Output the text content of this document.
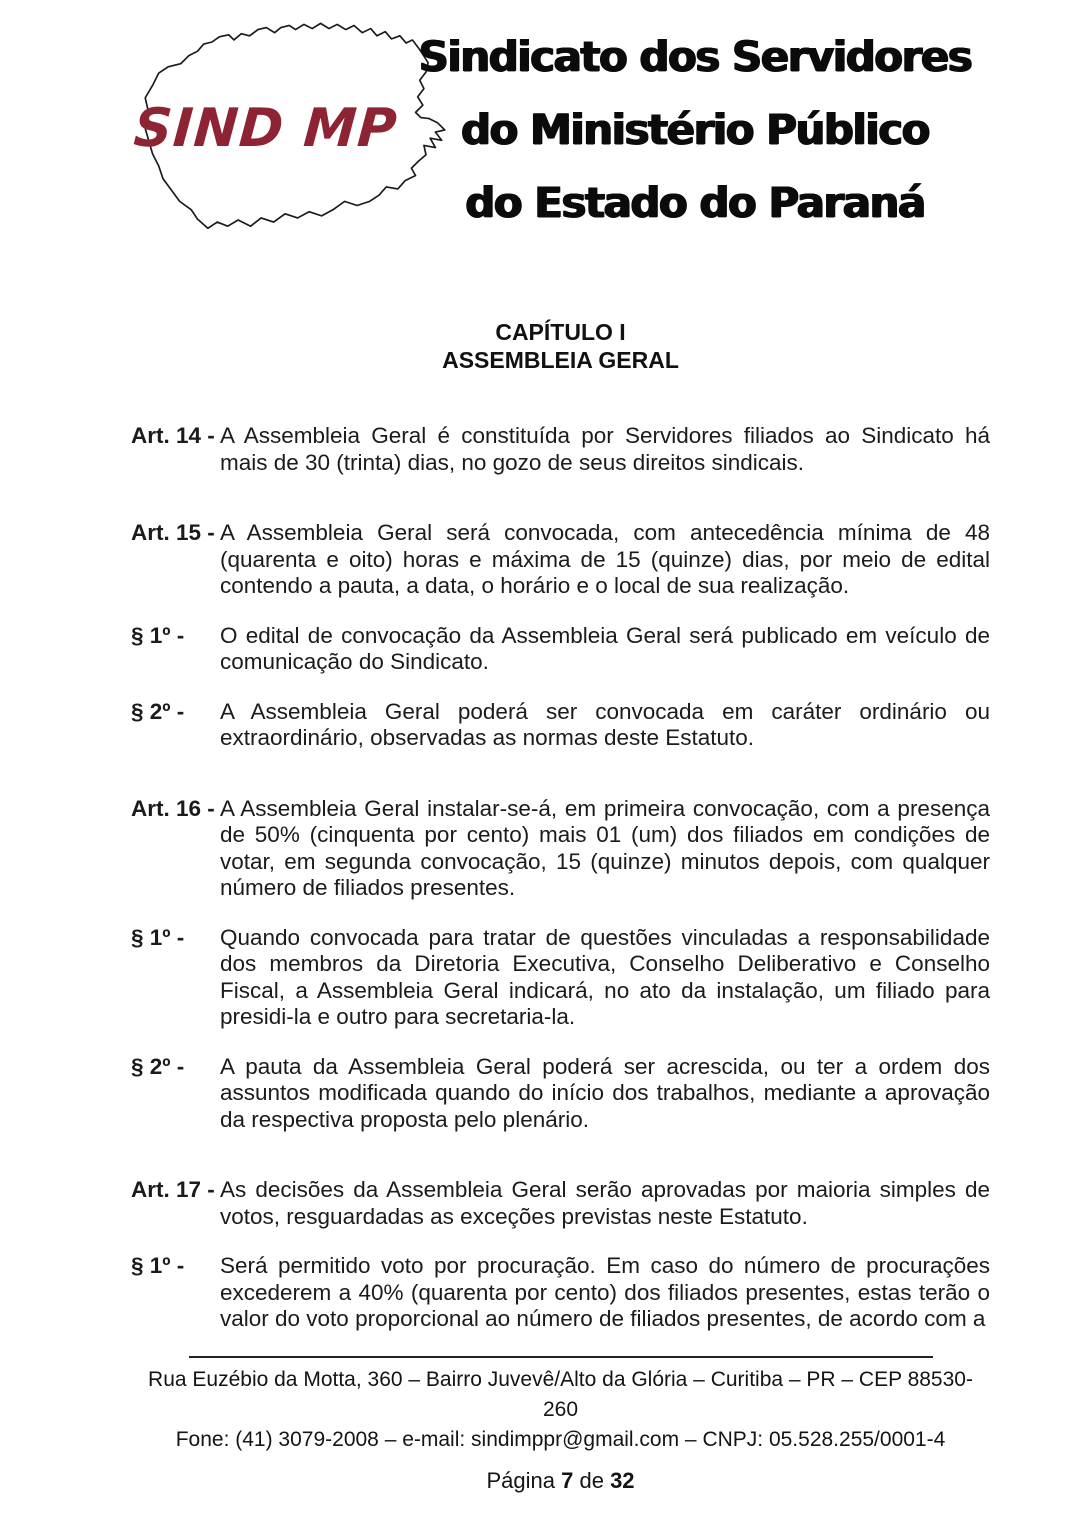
SIND MP
Sindicato dos Servidores
do Ministério Público
do Estado do Paraná
CAPÍTULO I
ASSEMBLEIA GERAL
Art. 14 - A Assembleia Geral é constituída por Servidores filiados ao Sindicato há mais de 30 (trinta) dias, no gozo de seus direitos sindicais.

Art. 15 - A Assembleia Geral será convocada, com antecedência mínima de 48 (quarenta e oito) horas e máxima de 15 (quinze) dias, por meio de edital contendo a pauta, a data, o horário e o local de sua realização.

§ 1º -	O edital de convocação da Assembleia Geral será publicado em veículo de comunicação do Sindicato.

§ 2º -	A Assembleia Geral poderá ser convocada em caráter ordinário ou extraordinário, observadas as normas deste Estatuto.

Art. 16 - A Assembleia Geral instalar-se-á, em primeira convocação, com a presença de 50% (cinquenta por cento) mais 01 (um) dos filiados em condições de votar, em segunda convocação, 15 (quinze) minutos depois, com qualquer número de filiados presentes.

§ 1º -	Quando convocada para tratar de questões vinculadas a responsabilidade dos membros da Diretoria Executiva, Conselho Deliberativo e Conselho Fiscal, a Assembleia Geral indicará, no ato da instalação, um filiado para presidi-la e outro para secretaria-la.

§ 2º -	A pauta da Assembleia Geral poderá ser acrescida, ou ter a ordem dos assuntos modificada quando do início dos trabalhos, mediante a aprovação da respectiva proposta pelo plenário.

Art. 17 - As decisões da Assembleia Geral serão aprovadas por maioria simples de votos, resguardadas as exceções previstas neste Estatuto.

§ 1º -	Será permitido voto por procuração. Em caso do número de procurações excederem a 40% (quarenta por cento) dos filiados presentes, estas terão o valor do voto proporcional ao número de filiados presentes, de acordo com a

Rua Euzébio da Motta, 360 – Bairro Juvevê/Alto da Glória – Curitiba – PR – CEP 88530-260
Fone: (41) 3079-2008 – e-mail: sindimppr@gmail.com – CNPJ: 05.528.255/0001-4
Página 7 de 32
